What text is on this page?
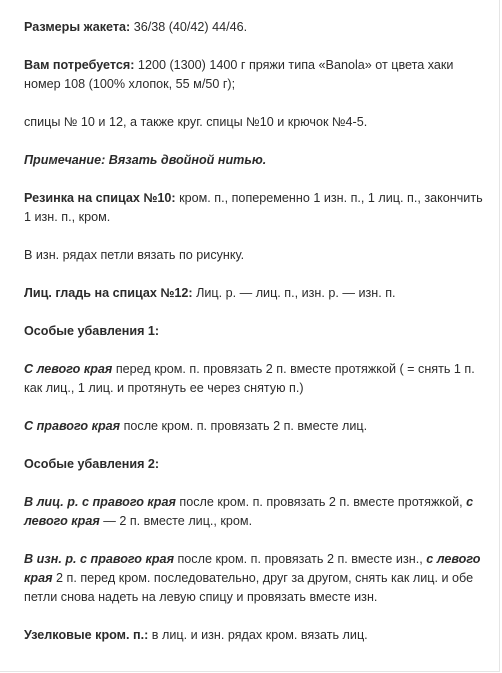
Размеры жакета: 36/38 (40/42) 44/46.

Вам потребуется: 1200 (1300) 1400 г пряжи типа «Banola» от цвета хаки номер 108 (100% хлопок, 55 м/50 г);

спицы № 10 и 12, а также круг. спицы №10 и крючок №4-5.

Примечание: Вязать двойной нитью.

Резинка на спицах №10: кром. п., попеременно 1 изн. п., 1 лиц. п., закончить 1 изн. п., кром.

В изн. рядах петли вязать по рисунку.

Лиц. гладь на спицах №12: Лиц. р. — лиц. п., изн. р. — изн. п.

Особые убавления 1:

С левого края перед кром. п. провязать 2 п. вместе протяжкой ( = снять 1 п. как лиц., 1 лиц. и протянуть ее через снятую п.)

С правого края после кром. п. провязать 2 п. вместе лиц.

Особые убавления 2:

В лиц. р. с правого края после кром. п. провязать 2 п. вместе протяжкой, с левого края — 2 п. вместе лиц., кром.

В изн. р. с правого края после кром. п. провязать 2 п. вместе изн., с левого края 2 п. перед кром. последовательно, друг за другом, снять как лиц. и обе петли снова надеть на левую спицу и провязать вместе изн.

Узелковые кром. п.: в лиц. и изн. рядах кром. вязать лиц.
